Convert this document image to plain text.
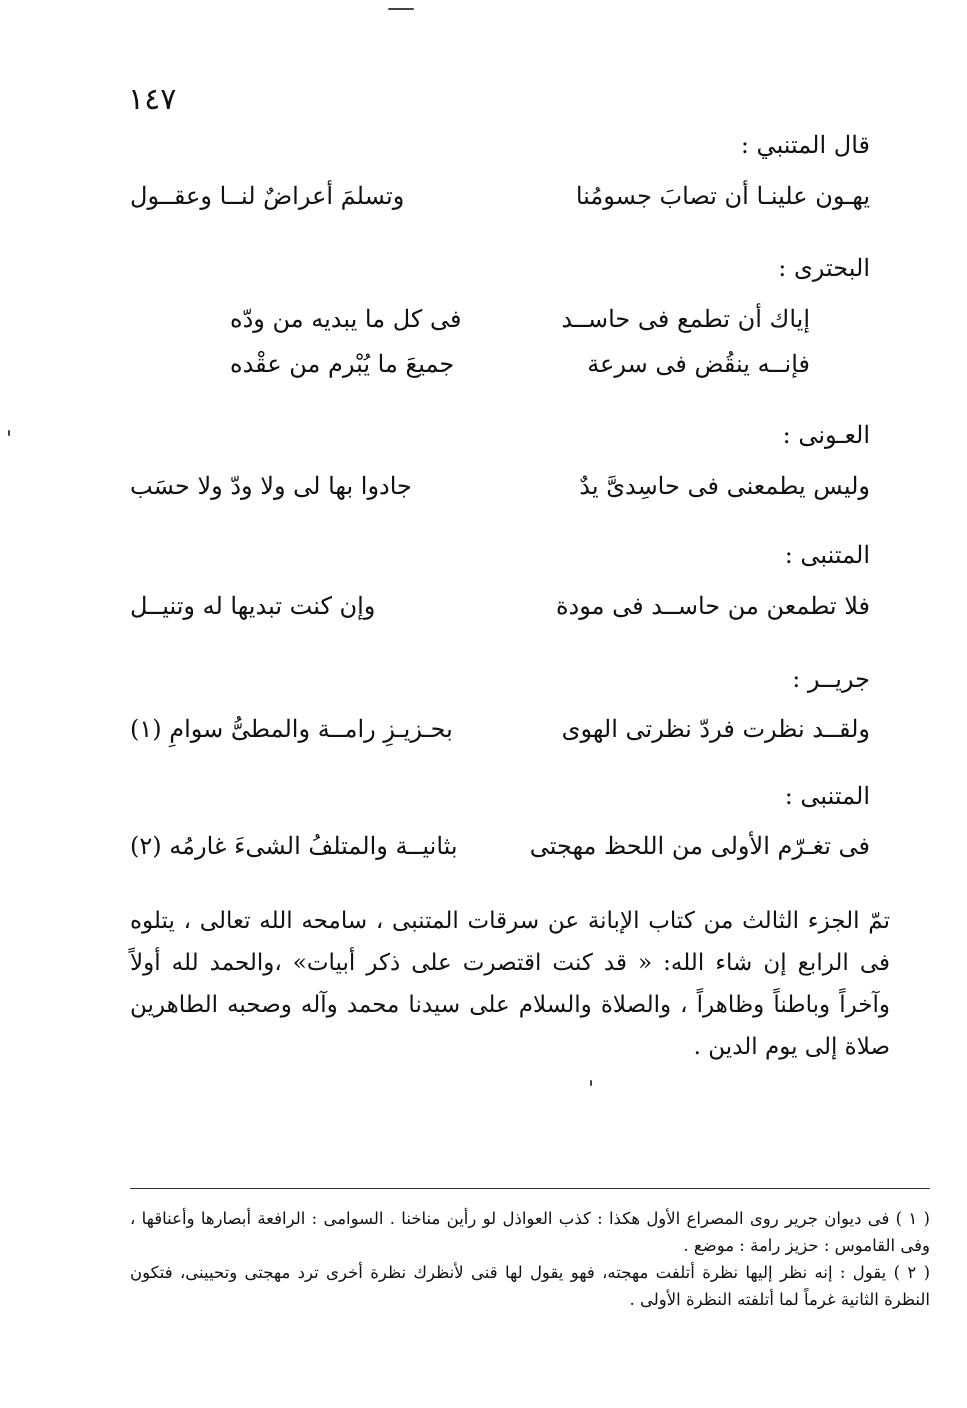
١٤٧
قال المتنبي :
يهـون علينـا أن تصابَ جسومُنا
وتسلمَ أعراضٌ لنــا وعقــول
البحترى :
إياك أن تطمع فى حاســد
فى كل ما يبديه من ودّه
فإنــه ينقُض فى سرعة
جميعَ ما يُبْرم من عقْده
العـونى :
وليس يطمعنى فى حاسِدىَّ يدٌ
جادوا بها لى ولا ودّ ولا حسَب
المتنبى :
فلا تطمعن من حاســد فى مودة
وإن كنت تبديها له وتنيــل
جريــر :
ولقــد نظرت فردّ نظرتى الهوى
بحـزيـزِ رامــة والمطىُّ سوامِ (١)
المتنبى :
فى تغـرّم الأولى من اللحظ مهجتى
بثانيــة والمتلفُ الشىءَ غارمُه (٢)
تمّ الجزء الثالث من كتاب الإبانة عن سرقات المتنبى ، سامحه الله تعالى ، يتلوه فى الرابع إن شاء الله: « قد كنت اقتصرت على ذكر أبيات» ،والحمد لله أولاً وآخراً وباطناً وظاهراً ، والصلاة والسلام على سيدنا محمد وآله وصحبه الطاهرين صلاة إلى يوم الدين .

( ١ ) فى ديوان جرير روى المصراع الأول هكذا : كذب العواذل لو رأين مناخنا . السوامى : الرافعة أبصارها وأعناقها ، وفى القاموس : حزيز رامة : موضع .

( ٢ ) يقول : إنه نظر إليها نظرة أتلفت مهجته، فهو يقول لها قنى لأنظرك نظرة أخرى ترد مهجتى وتحيينى، فتكون النظرة الثانية غرماً لما أتلفته النظرة الأولى .
